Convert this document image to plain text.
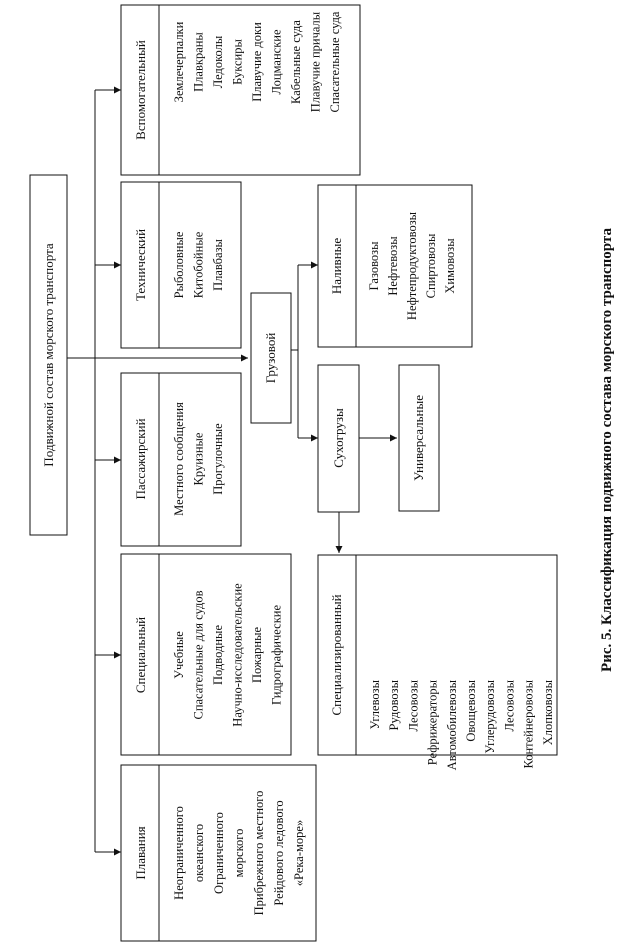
Подвижной состав морского транспорта
Вспомогательный Землечерпалки Плавкраны Ледоколы Буксиры Плавучие доки Лоцманские Кабельные суда Плавучие причалы Спасательные суда
Технический Рыболовные Китобойные Плавбазы
Пассажирский Местного сообщения Круизные Прогулочные
Специальный Учебные Спасательные для судов Подводные Научно-исследовательские Пожарные Гидрографические
Плавания Неограниченного океанского Ограниченного морского Прибрежного местного Рейдового ледового «Река-море»
Грузовой
Наливные Газовозы Нефтевозы Нефтепродуктовозы Спиртовозы Химовозы
Сухогрузы	Универсальные
Специализированный Углевозы Рудовозы Лесовозы Рефрижераторы Автомобилевозы Овощевозы Углерудовозы Лесовозы Контейнеровозы Хлопковозы
Рис. 5. Классификация подвижного состава морского транспорта
